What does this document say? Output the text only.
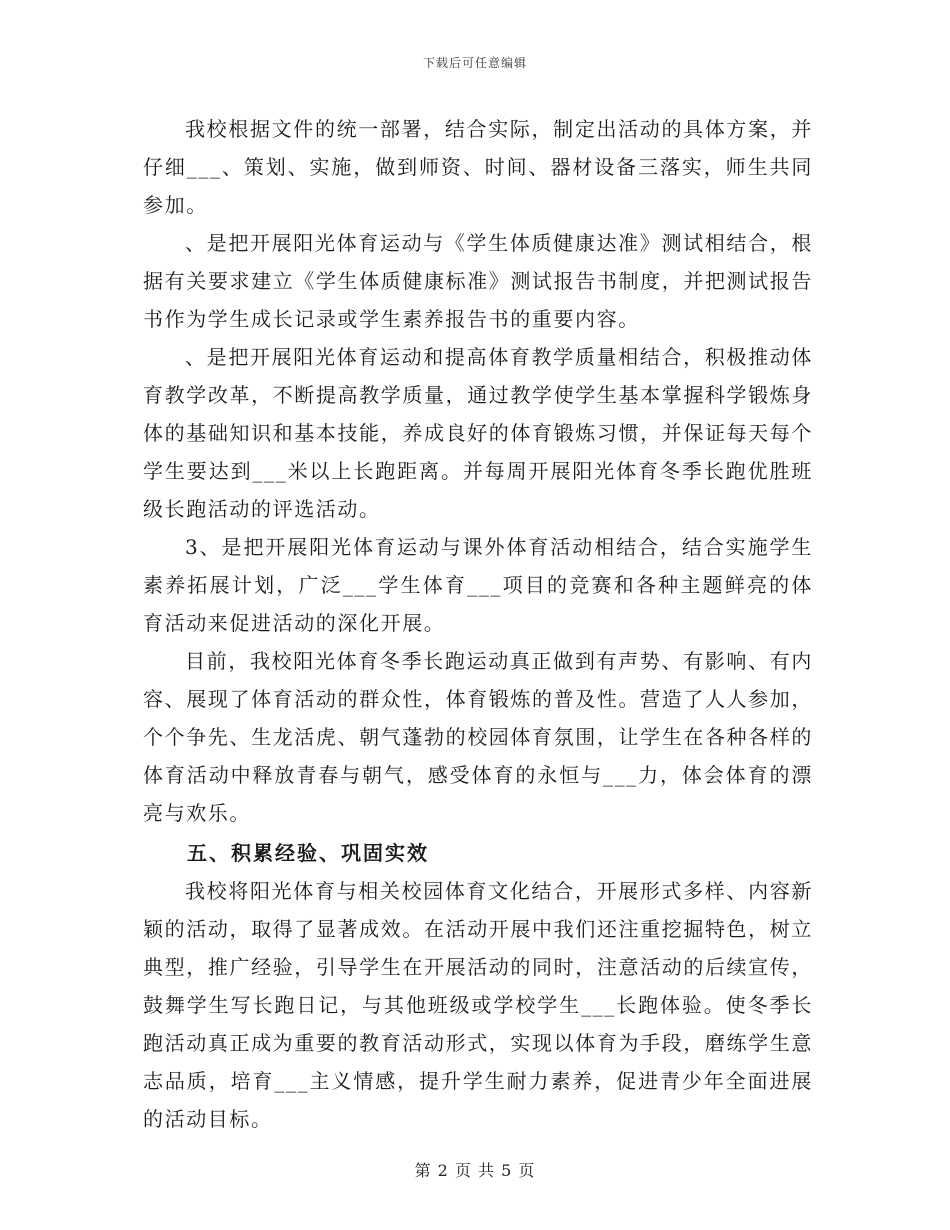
下载后可任意编辑

我校根据文件的统一部署，结合实际，制定出活动的具体方案，并仔细___、策划、实施，做到师资、时间、器材设备三落实，师生共同参加。

、是把开展阳光体育运动与《学生体质健康达准》测试相结合，根据有关要求建立《学生体质健康标准》测试报告书制度，并把测试报告书作为学生成长记录或学生素养报告书的重要内容。

、是把开展阳光体育运动和提高体育教学质量相结合，积极推动体育教学改革，不断提高教学质量，通过教学使学生基本掌握科学锻炼身体的基础知识和基本技能，养成良好的体育锻炼习惯，并保证每天每个学生要达到___米以上长跑距离。并每周开展阳光体育冬季长跑优胜班级长跑活动的评选活动。

3、是把开展阳光体育运动与课外体育活动相结合，结合实施学生素养拓展计划，广泛___学生体育___项目的竞赛和各种主题鲜亮的体育活动来促进活动的深化开展。

目前，我校阳光体育冬季长跑运动真正做到有声势、有影响、有内容、展现了体育活动的群众性，体育锻炼的普及性。营造了人人参加，个个争先、生龙活虎、朝气蓬勃的校园体育氛围，让学生在各种各样的体育活动中释放青春与朝气，感受体育的永恒与___力，体会体育的漂亮与欢乐。

五、积累经验、巩固实效

我校将阳光体育与相关校园体育文化结合，开展形式多样、内容新颖的活动，取得了显著成效。在活动开展中我们还注重挖掘特色，树立典型，推广经验，引导学生在开展活动的同时，注意活动的后续宣传，鼓舞学生写长跑日记，与其他班级或学校学生___长跑体验。使冬季长跑活动真正成为重要的教育活动形式，实现以体育为手段，磨练学生意志品质，培育___主义情感，提升学生耐力素养，促进青少年全面进展的活动目标。

第 2 页 共 5 页
